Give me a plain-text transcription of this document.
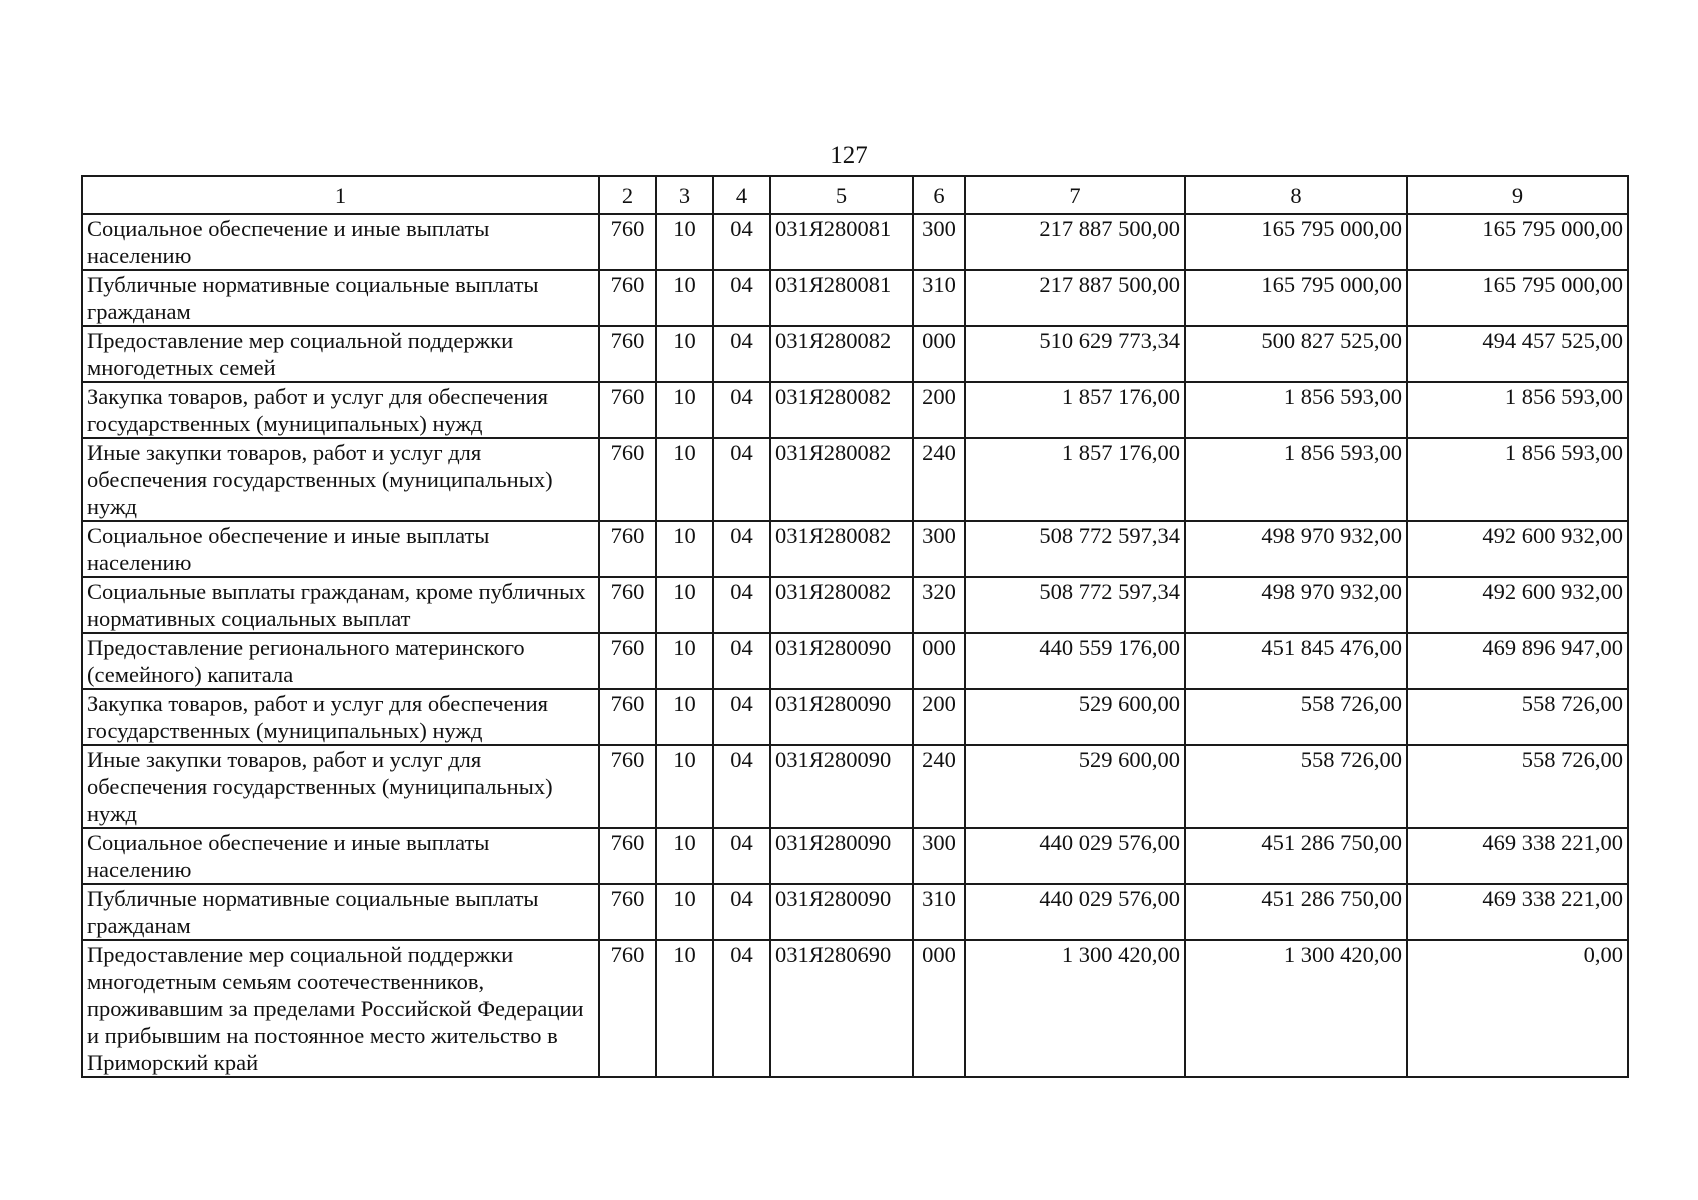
127
1	2	3	4	5	6	7	8	9
Социальное обеспечение и иные выплаты населению	760	10	04	031Я280081	300	217 887 500,00	165 795 000,00	165 795 000,00
Публичные нормативные социальные выплаты гражданам	760	10	04	031Я280081	310	217 887 500,00	165 795 000,00	165 795 000,00
Предоставление мер социальной поддержки многодетных семей	760	10	04	031Я280082	000	510 629 773,34	500 827 525,00	494 457 525,00
Закупка товаров, работ и услуг для обеспечения государственных (муниципальных) нужд	760	10	04	031Я280082	200	1 857 176,00	1 856 593,00	1 856 593,00
Иные закупки товаров, работ и услуг для обеспечения государственных (муниципальных) нужд	760	10	04	031Я280082	240	1 857 176,00	1 856 593,00	1 856 593,00
Социальное обеспечение и иные выплаты населению	760	10	04	031Я280082	300	508 772 597,34	498 970 932,00	492 600 932,00
Социальные выплаты гражданам, кроме публичных нормативных социальных выплат	760	10	04	031Я280082	320	508 772 597,34	498 970 932,00	492 600 932,00
Предоставление регионального материнского (семейного) капитала	760	10	04	031Я280090	000	440 559 176,00	451 845 476,00	469 896 947,00
Закупка товаров, работ и услуг для обеспечения государственных (муниципальных) нужд	760	10	04	031Я280090	200	529 600,00	558 726,00	558 726,00
Иные закупки товаров, работ и услуг для обеспечения государственных (муниципальных) нужд	760	10	04	031Я280090	240	529 600,00	558 726,00	558 726,00
Социальное обеспечение и иные выплаты населению	760	10	04	031Я280090	300	440 029 576,00	451 286 750,00	469 338 221,00
Публичные нормативные социальные выплаты гражданам	760	10	04	031Я280090	310	440 029 576,00	451 286 750,00	469 338 221,00
Предоставление мер социальной поддержки многодетным семьям соотечественников, проживавшим за пределами Российской Федерации и прибывшим на постоянное место жительство в Приморский край	760	10	04	031Я280690	000	1 300 420,00	1 300 420,00	0,00
